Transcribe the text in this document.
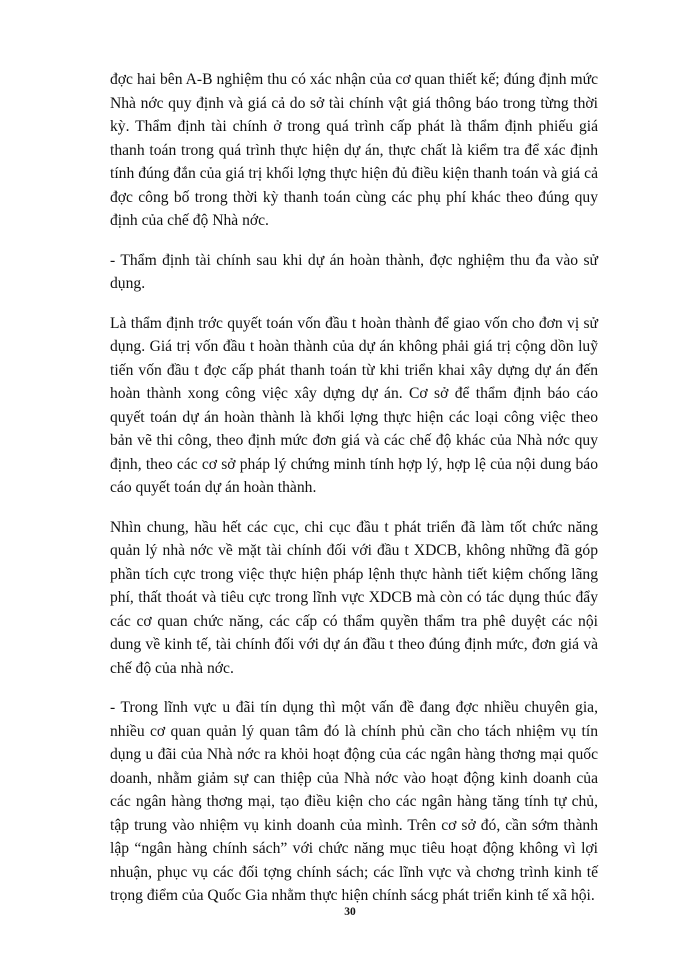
đợc hai bên A-B nghiệm thu có xác nhận của cơ quan thiết kế; đúng định mức Nhà nớc quy định và giá cả do sở tài chính vật giá thông báo trong từng thời kỳ. Thẩm định tài chính ở trong quá trình cấp phát là thẩm định phiếu giá thanh toán trong quá trình thực hiện dự án, thực chất là kiểm tra để xác định tính đúng đắn của giá trị khối lợng thực hiện đủ điều kiện thanh toán và giá cả đợc công bố trong thời kỳ thanh toán cùng các phụ phí khác theo đúng quy định của chế độ Nhà nớc.

- Thẩm định tài chính sau khi dự án hoàn thành, đợc nghiệm thu đa vào sử dụng.

Là thẩm định trớc quyết toán vốn đầu t hoàn thành để giao vốn cho đơn vị sử dụng. Giá trị vốn đầu t hoàn thành của dự án không phải giá trị cộng dồn luỹ tiến vốn đầu t đợc cấp phát thanh toán từ khi triển khai xây dựng dự án đến hoàn thành xong công việc xây dựng dự án. Cơ sở để thẩm định báo cáo quyết toán dự án hoàn thành là khối lợng thực hiện các loại công việc theo bản vẽ thi công, theo định mức đơn giá và các chế độ khác của Nhà nớc quy định, theo các cơ sở pháp lý chứng minh tính hợp lý, hợp lệ của nội dung báo cáo quyết toán dự án hoàn thành.

Nhìn chung, hầu hết các cục, chi cục đầu t phát triển đã làm tốt chức năng quản lý nhà nớc về mặt tài chính đối với đầu t XDCB, không những đã góp phần tích cực trong việc thực hiện pháp lệnh thực hành tiết kiệm chống lãng phí, thất thoát và tiêu cực trong lĩnh vực XDCB mà còn có tác dụng thúc đẩy các cơ quan chức năng, các cấp có thẩm quyền thẩm tra phê duyệt các nội dung về kinh tế, tài chính đối với dự án đầu t theo đúng định mức, đơn giá và chế độ của nhà nớc.

- Trong lĩnh vực u đãi tín dụng thì một vấn đề đang đợc nhiều chuyên gia, nhiều cơ quan quản lý quan tâm đó là chính phủ cần cho tách nhiệm vụ tín dụng u đãi của Nhà nớc ra khỏi hoạt động của các ngân hàng thơng mại quốc doanh, nhằm giảm sự can thiệp của Nhà nớc vào hoạt động kinh doanh của các ngân hàng thơng mại, tạo điều kiện cho các ngân hàng tăng tính tự chủ, tập trung vào nhiệm vụ kinh doanh của mình. Trên cơ sở đó, cần sớm thành lập “ngân hàng chính sách” với chức năng mục tiêu hoạt động không vì lợi nhuận, phục vụ các đối tợng chính sách; các lĩnh vực và chơng trình kinh tế trọng điểm của Quốc Gia nhằm thực hiện chính sácg phát triển kinh tế xã hội.

30
